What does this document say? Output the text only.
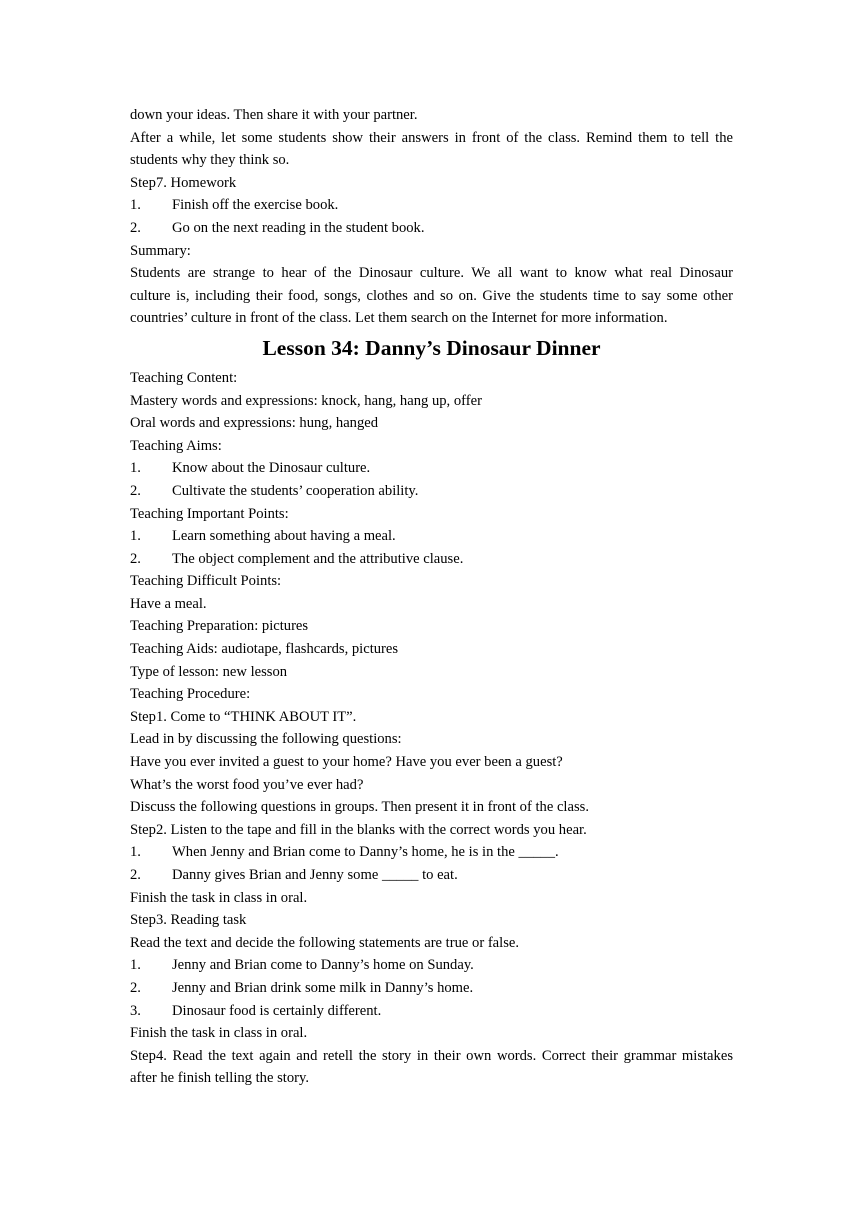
down your ideas. Then share it with your partner.
After a while, let some students show their answers in front of the class. Remind them to tell the
students why they think so.
Step7. Homework
1. Finish off the exercise book.
2. Go on the next reading in the student book.
Summary:
Students are strange to hear of the Dinosaur culture. We all want to know what real Dinosaur
culture is, including their food, songs, clothes and so on. Give the students time to say some other
countries’ culture in front of the class. Let them search on the Internet for more information.
Lesson 34: Danny’s Dinosaur Dinner
Teaching Content:
Mastery words and expressions: knock, hang, hang up, offer
Oral words and expressions: hung, hanged
Teaching Aims:
1. Know about the Dinosaur culture.
2. Cultivate the students’ cooperation ability.
Teaching Important Points:
1. Learn something about having a meal.
2. The object complement and the attributive clause.
Teaching Difficult Points:
Have a meal.
Teaching Preparation: pictures
Teaching Aids: audiotape, flashcards, pictures
Type of lesson: new lesson
Teaching Procedure:
Step1. Come to “THINK ABOUT IT”.
Lead in by discussing the following questions:
Have you ever invited a guest to your home? Have you ever been a guest?
What’s the worst food you’ve ever had?
Discuss the following questions in groups. Then present it in front of the class.
Step2. Listen to the tape and fill in the blanks with the correct words you hear.
1. When Jenny and Brian come to Danny’s home, he is in the _____.
2. Danny gives Brian and Jenny some _____ to eat.
Finish the task in class in oral.
Step3. Reading task
Read the text and decide the following statements are true or false.
1. Jenny and Brian come to Danny’s home on Sunday.
2. Jenny and Brian drink some milk in Danny’s home.
3. Dinosaur food is certainly different.
Finish the task in class in oral.
Step4. Read the text again and retell the story in their own words. Correct their grammar mistakes
after he finish telling the story.
